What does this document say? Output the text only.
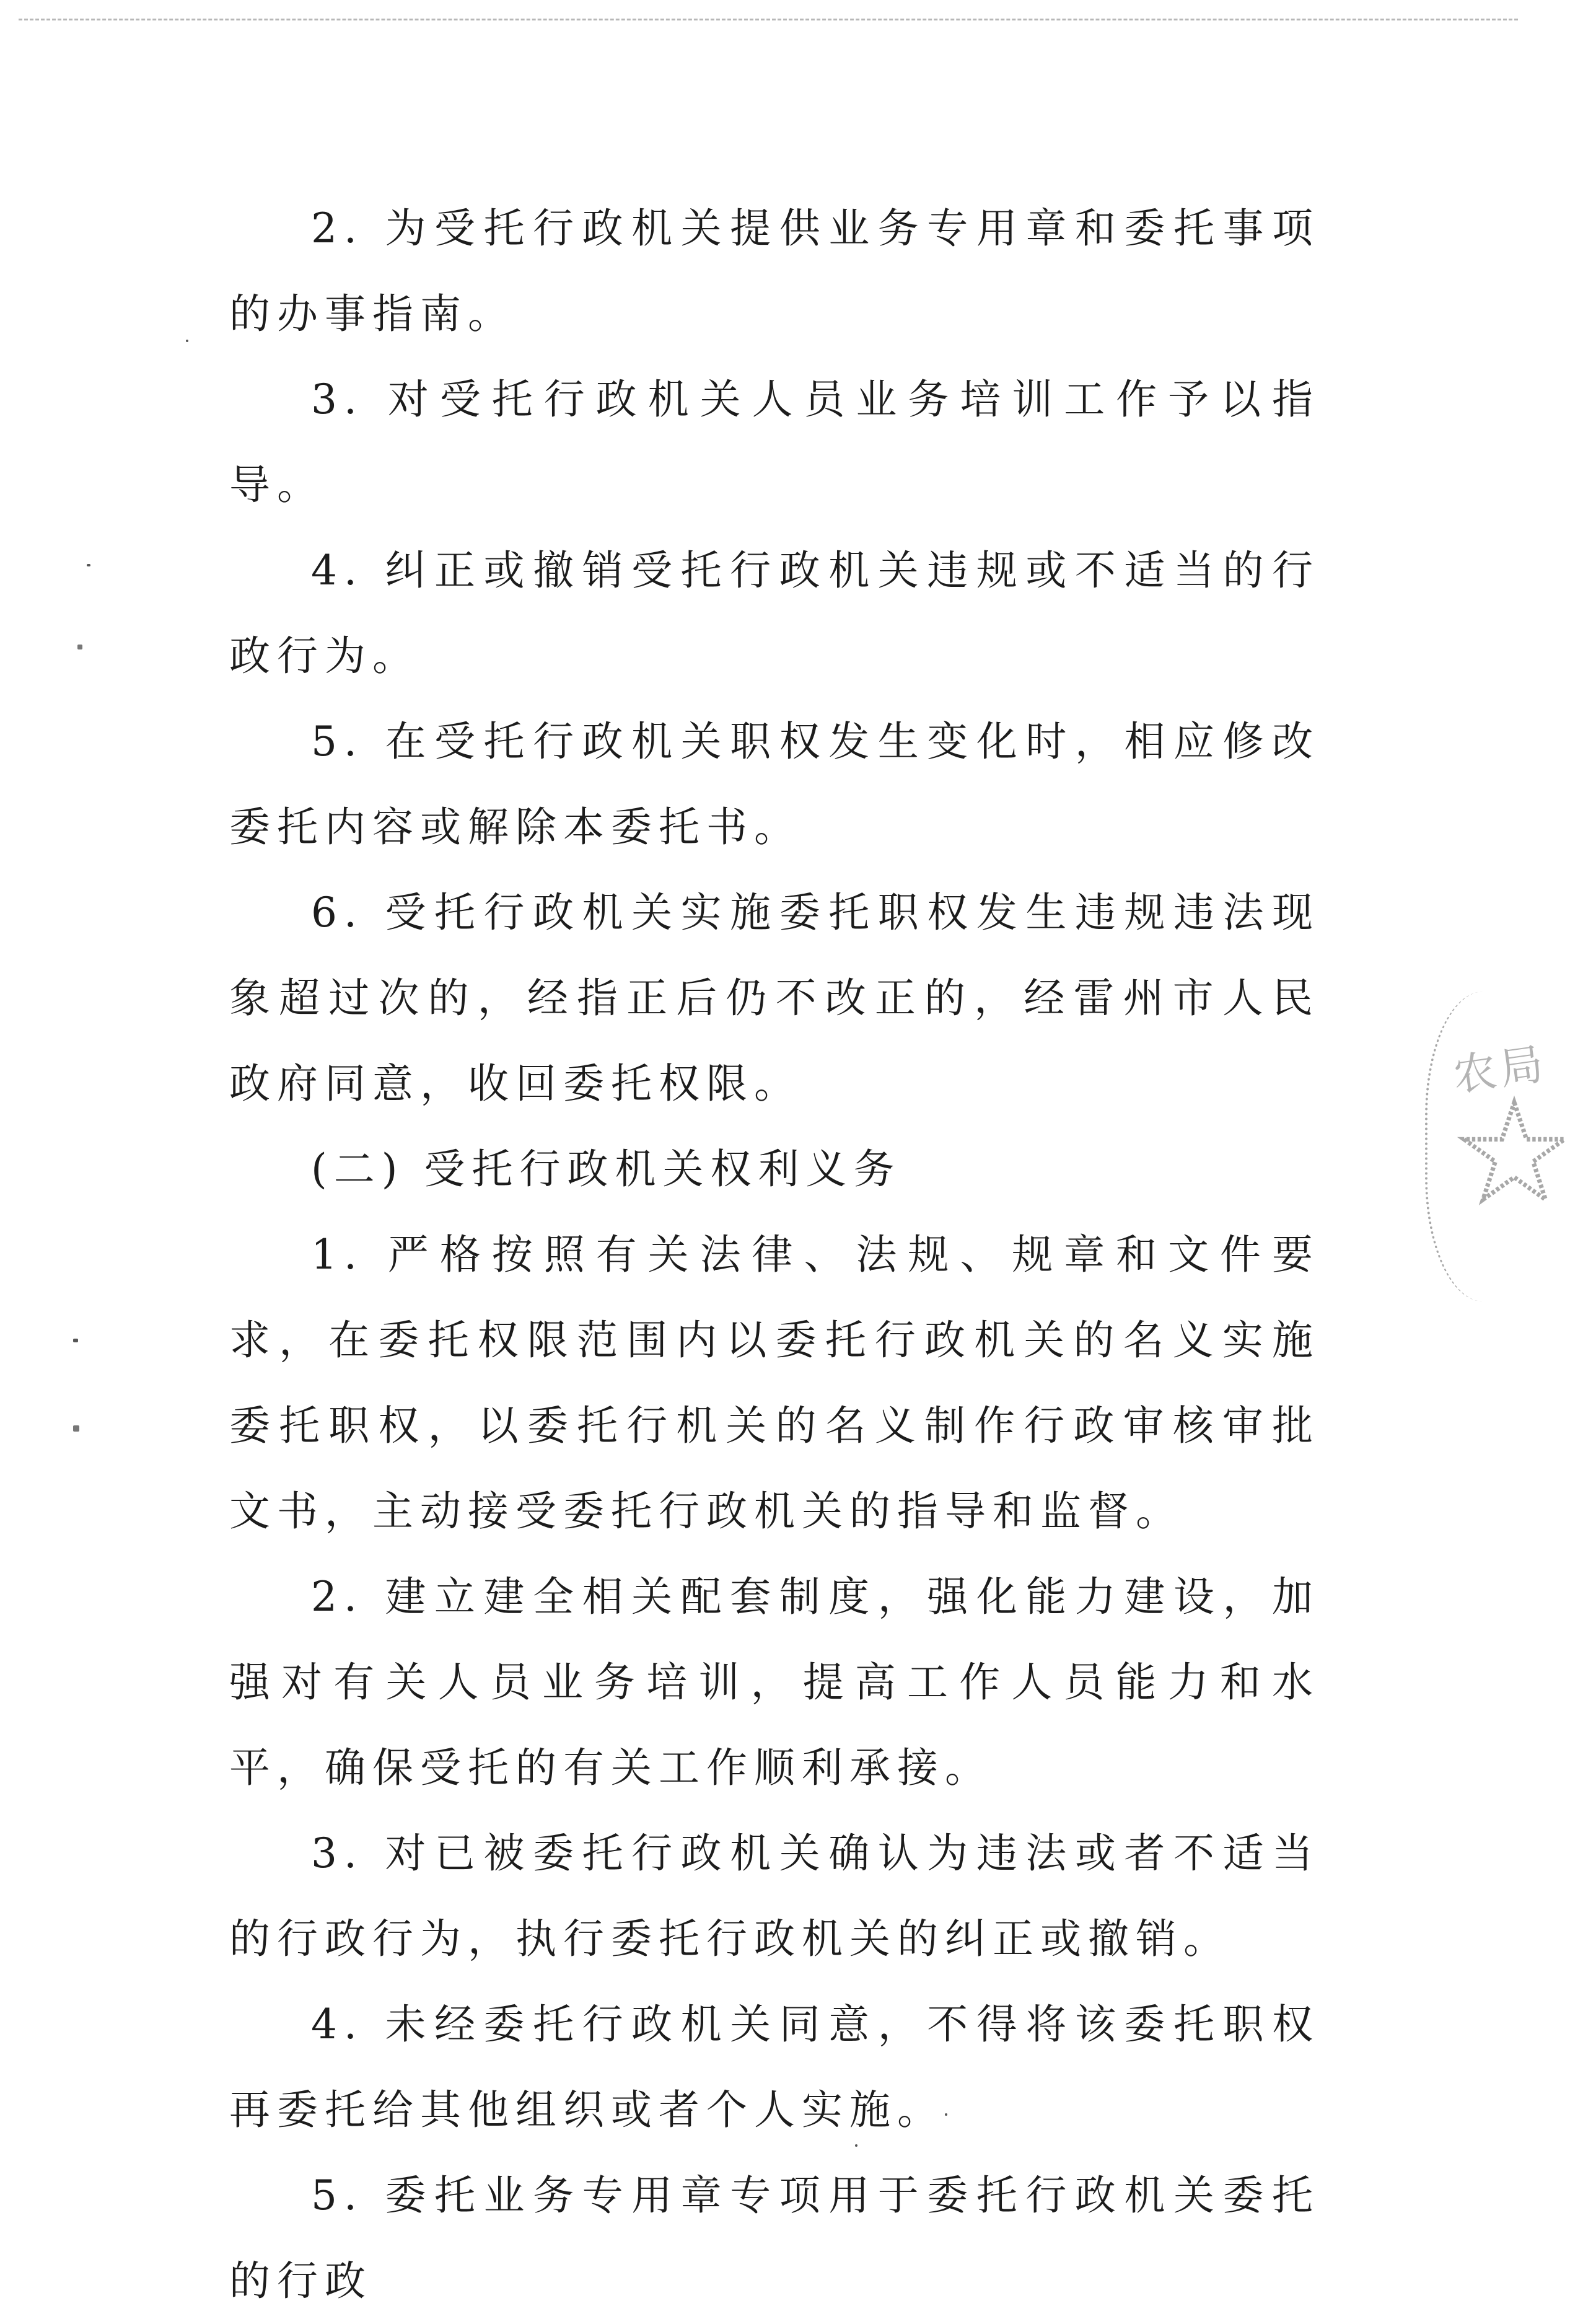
2. 为受托行政机关提供业务专用章和委托事项的办事指南。

3. 对受托行政机关人员业务培训工作予以指导。

4. 纠正或撤销受托行政机关违规或不适当的行政行为。

5. 在受托行政机关职权发生变化时，相应修改委托内容或解除本委托书。

6. 受托行政机关实施委托职权发生违规违法现象超过次的，经指正后仍不改正的，经雷州市人民政府同意，收回委托权限。

(二) 受托行政机关权利义务

1. 严格按照有关法律、法规、规章和文件要求，在委托权限范围内以委托行政机关的名义实施委托职权，以委托行机关的名义制作行政审核审批文书，主动接受委托行政机关的指导和监督。

2. 建立建全相关配套制度，强化能力建设，加强对有关人员业务培训，提高工作人员能力和水平，确保受托的有关工作顺利承接。

3. 对已被委托行政机关确认为违法或者不适当的行政行为，执行委托行政机关的纠正或撤销。

4. 未经委托行政机关同意，不得将该委托职权再委托给其他组织或者个人实施。

5. 委托业务专用章专项用于委托行政机关委托的行政

农局
